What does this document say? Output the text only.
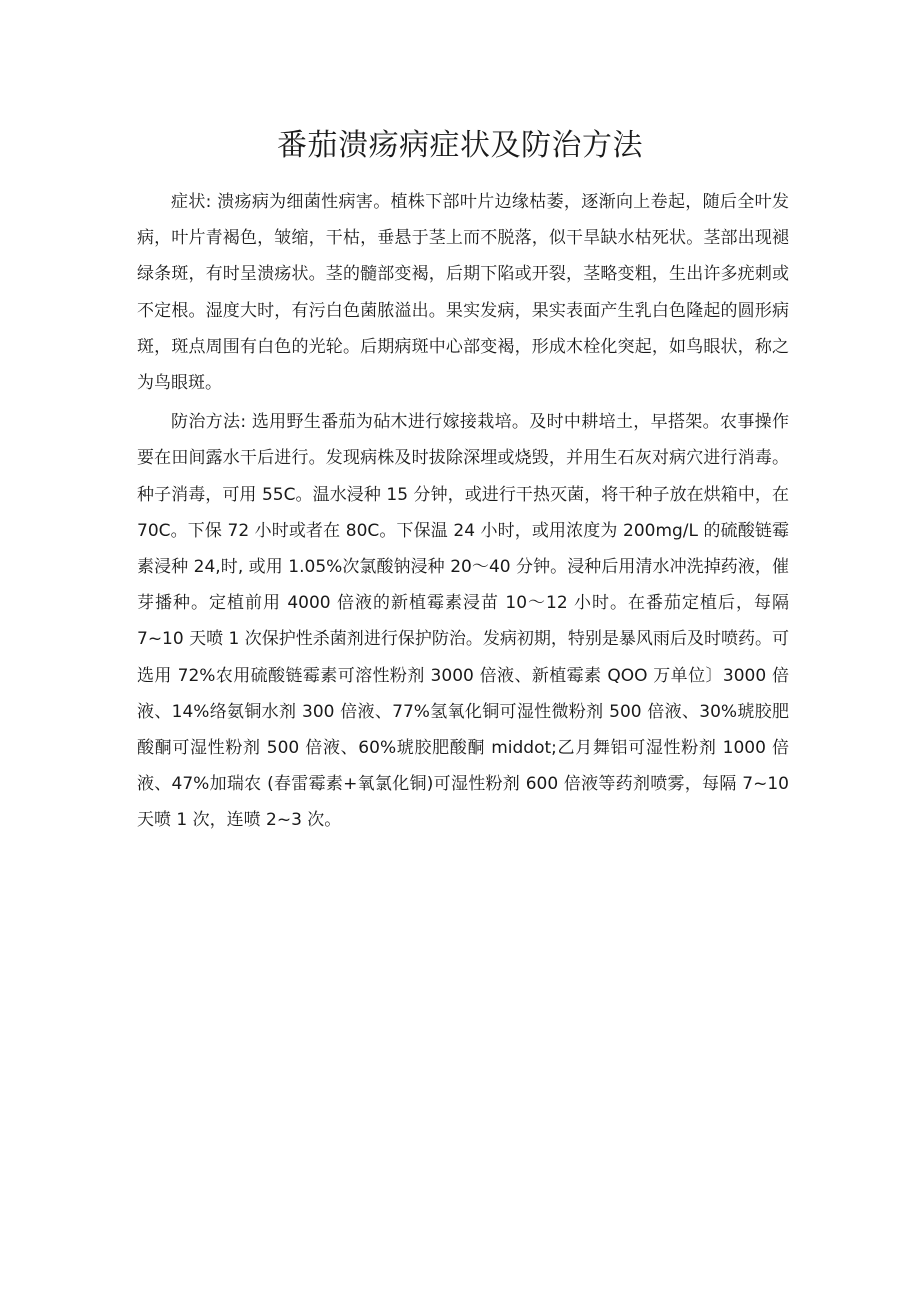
番茄溃疡病症状及防治方法

症状: 溃疡病为细菌性病害。植株下部叶片边缘枯萎，逐渐向上卷起，随后全叶发病，叶片青褐色，皱缩，干枯，垂悬于茎上而不脱落，似干旱缺水枯死状。茎部出现褪绿条斑，有时呈溃疡状。茎的髓部变褐，后期下陷或开裂，茎略变粗，生出许多疣刺或不定根。湿度大时，有污白色菌脓溢出。果实发病，果实表面产生乳白色隆起的圆形病斑，斑点周围有白色的光轮。后期病斑中心部变褐，形成木栓化突起，如鸟眼状，称之为鸟眼斑。

防治方法: 选用野生番茄为砧木进行嫁接栽培。及时中耕培土，早搭架。农事操作要在田间露水干后进行。发现病株及时拔除深埋或烧毁，并用生石灰对病穴进行消毒。种子消毒，可用 55C。温水浸种 15 分钟，或进行干热灭菌，将干种子放在烘箱中，在70C。下保 72 小时或者在 80C。下保温 24 小时，或用浓度为 200mg/L 的硫酸链霉素浸种 24,时, 或用 1.05%次氯酸钠浸种 20～40 分钟。浸种后用清水冲洗掉药液，催芽播种。定植前用 4000 倍液的新植霉素浸苗 10～12 小时。在番茄定植后，每隔 7~10 天喷 1 次保护性杀菌剂进行保护防治。发病初期，特别是暴风雨后及时喷药。可选用 72%农用硫酸链霉素可溶性粉剂 3000 倍液、新植霉素 QOO 万单位〕3000 倍液、14%络氨铜水剂 300 倍液、77%氢氧化铜可湿性微粉剂 500 倍液、30%琥胶肥酸酮可湿性粉剂 500 倍液、60%琥胶肥酸酮 middot;乙月舞铝可湿性粉剂 1000 倍液、47%加瑞农 (春雷霉素+氧氯化铜)可湿性粉剂 600 倍液等药剂喷雾，每隔 7~10 天喷 1 次，连喷 2~3 次。
